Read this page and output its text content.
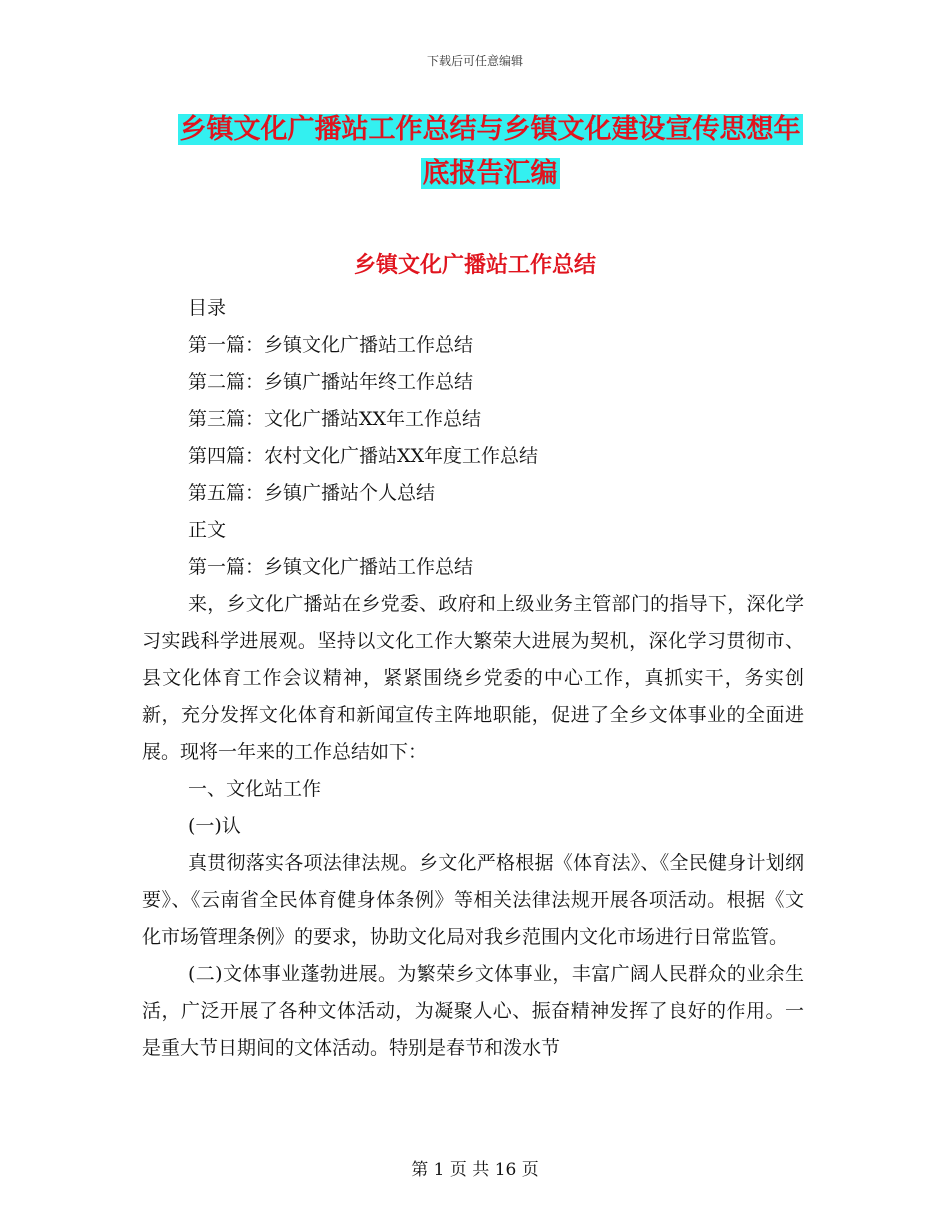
下载后可任意编辑
乡镇文化广播站工作总结与乡镇文化建设宣传思想年
底报告汇编
乡镇文化广播站工作总结

目录

第一篇：乡镇文化广播站工作总结

第二篇：乡镇广播站年终工作总结

第三篇：文化广播站XX年工作总结

第四篇：农村文化广播站XX年度工作总结

第五篇：乡镇广播站个人总结

正文

第一篇：乡镇文化广播站工作总结

来，乡文化广播站在乡党委、政府和上级业务主管部门的指导下，深化学习实践科学进展观。坚持以文化工作大繁荣大进展为契机，深化学习贯彻市、县文化体育工作会议精神，紧紧围绕乡党委的中心工作，真抓实干，务实创新，充分发挥文化体育和新闻宣传主阵地职能，促进了全乡文体事业的全面进展。现将一年来的工作总结如下：

一、文化站工作

(一)认

真贯彻落实各项法律法规。乡文化严格根据《体育法》、《全民健身计划纲要》、《云南省全民体育健身体条例》等相关法律法规开展各项活动。根据《文化市场管理条例》的要求，协助文化局对我乡范围内文化市场进行日常监管。

(二)文体事业蓬勃进展。为繁荣乡文体事业，丰富广阔人民群众的业余生活，广泛开展了各种文体活动，为凝聚人心、振奋精神发挥了良好的作用。一是重大节日期间的文体活动。特别是春节和泼水节

第 1 页 共 16 页
